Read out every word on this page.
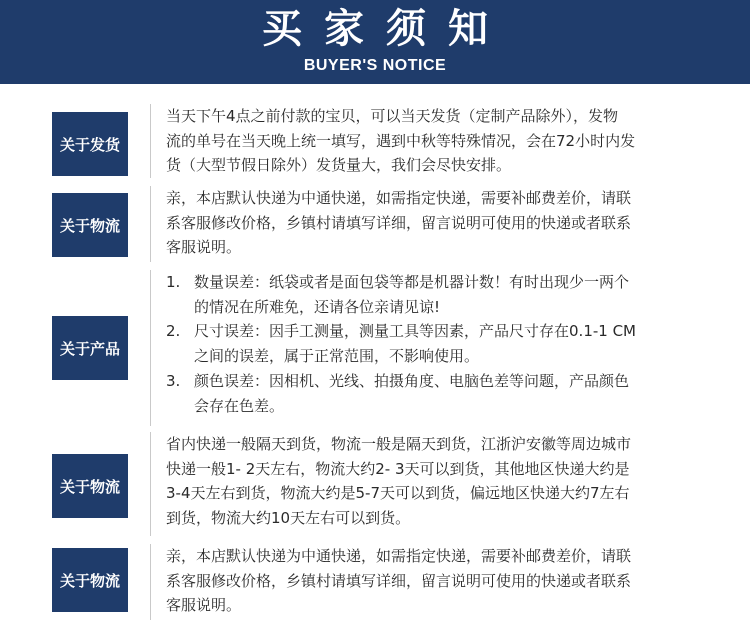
买家须知
BUYER'S NOTICE
关于发货
当天下午4点之前付款的宝贝，可以当天发货（定制产品除外），发物
流的单号在当天晚上统一填写，遇到中秋等特殊情况，会在72小时内发
货（大型节假日除外）发货量大，我们会尽快安排。
关于物流
亲，本店默认快递为中通快递，如需指定快递，需要补邮费差价，请联
系客服修改价格，乡镇村请填写详细，留言说明可使用的快递或者联系
客服说明。
关于产品
1. 数量误差：纸袋或者是面包袋等都是机器计数！有时出现少一两个
的情况在所难免，还请各位亲请见谅!
2. 尺寸误差：因手工测量，测量工具等因素，产品尺寸存在0.1-1 CM
之间的误差，属于正常范围，不影响使用。
3. 颜色误差：因相机、光线、拍摄角度、电脑色差等问题，产品颜色
会存在色差。
关于物流
省内快递一般隔天到货，物流一般是隔天到货，江浙沪安徽等周边城市
快递一般1- 2天左右，物流大约2- 3天可以到货，其他地区快递大约是
3-4天左右到货，物流大约是5-7天可以到货，偏远地区快递大约7左右
到货，物流大约10天左右可以到货。
关于物流
亲，本店默认快递为中通快递，如需指定快递，需要补邮费差价，请联
系客服修改价格，乡镇村请填写详细，留言说明可使用的快递或者联系
客服说明。
